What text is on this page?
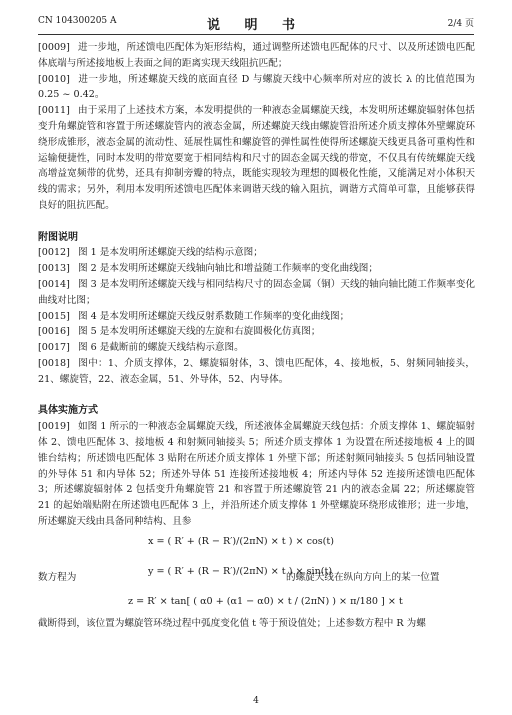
CN 104300205 A	说 明 书	2/4 页

[0009] 进一步地，所述馈电匹配体为矩形结构，通过调整所述馈电匹配体的尺寸、以及所述馈电匹配体底端与所述接地板上表面之间的距离实现天线阻抗匹配；

[0010] 进一步地，所述螺旋天线的底面直径 D 与螺旋天线中心频率所对应的波长 λ 的比值范围为 0.25 ~ 0.42。

[0011] 由于采用了上述技术方案，本发明提供的一种液态金属螺旋天线，本发明所述螺旋辐射体包括变升角螺旋管和容置于所述螺旋管内的液态金属，所述螺旋天线由螺旋管沿所述介质支撑体外壁螺旋环绕形成锥形，液态金属的流动性、延展性属性和螺旋管的弹性属性使得所述螺旋天线更具备可重构性和运输便捷性，同时本发明的带宽要宽于相同结构和尺寸的固态金属天线的带宽，不仅具有传统螺旋天线高增益宽频带的优势，还具有抑制旁瓣的特点，既能实现较为理想的圆极化性能，又能满足对小体积天线的需求；另外，利用本发明所述馈电匹配体来调谐天线的输入阻抗，调谐方式简单可靠，且能够获得良好的阻抗匹配。

附图说明

[0012] 图 1 是本发明所述螺旋天线的结构示意图；

[0013] 图 2 是本发明所述螺旋天线轴向轴比和增益随工作频率的变化曲线图；

[0014] 图 3 是本发明所述螺旋天线与相同结构尺寸的固态金属（铜）天线的轴向轴比随工作频率变化曲线对比图；

[0015] 图 4 是本发明所述螺旋天线反射系数随工作频率的变化曲线图；

[0016] 图 5 是本发明所述螺旋天线的左旋和右旋圆极化仿真图；

[0017] 图 6 是截断前的螺旋天线结构示意图。

[0018] 图中：1、介质支撑体，2、螺旋辐射体，3、馈电匹配体，4、接地板，5、射频同轴接头，21、螺旋管，22、液态金属，51、外导体，52、内导体。

具体实施方式

[0019] 如图 1 所示的一种液态金属螺旋天线，所述液体金属螺旋天线包括：介质支撑体 1、螺旋辐射体 2、馈电匹配体 3、接地板 4 和射频同轴接头 5；所述介质支撑体 1 为设置在所述接地板 4 上的圆锥台结构；所述馈电匹配体 3 贴附在所述介质支撑体 1 外壁下部；所述射频同轴接头 5 包括同轴设置的外导体 51 和内导体 52；所述外导体 51 连接所述接地板 4；所述内导体 52 连接所述馈电匹配体 3；所述螺旋辐射体 2 包括变升角螺旋管 21 和容置于所述螺旋管 21 内的液态金属 22；所述螺旋管 21 的起始端贴附在所述馈电匹配体 3 上，并沿所述介质支撑体 1 外壁螺旋环绕形成锥形；进一步地，所述螺旋天线由具备同种结构、且参

x = ( R′ + (R − R′)/(2πN) × t ) × cos(t)
数方程为
y = ( R′ + (R − R′)/(2πN) × t ) × sin(t)
的螺旋天线在纵向方向上的某一位置
z = R′ × tan[ ( α0 + (α1 − α0) × t / (2πN) ) × π/180 ] × t

截断得到，该位置为螺旋管环绕过程中弧度变化值 t 等于预设值处；上述参数方程中 R 为螺

4
